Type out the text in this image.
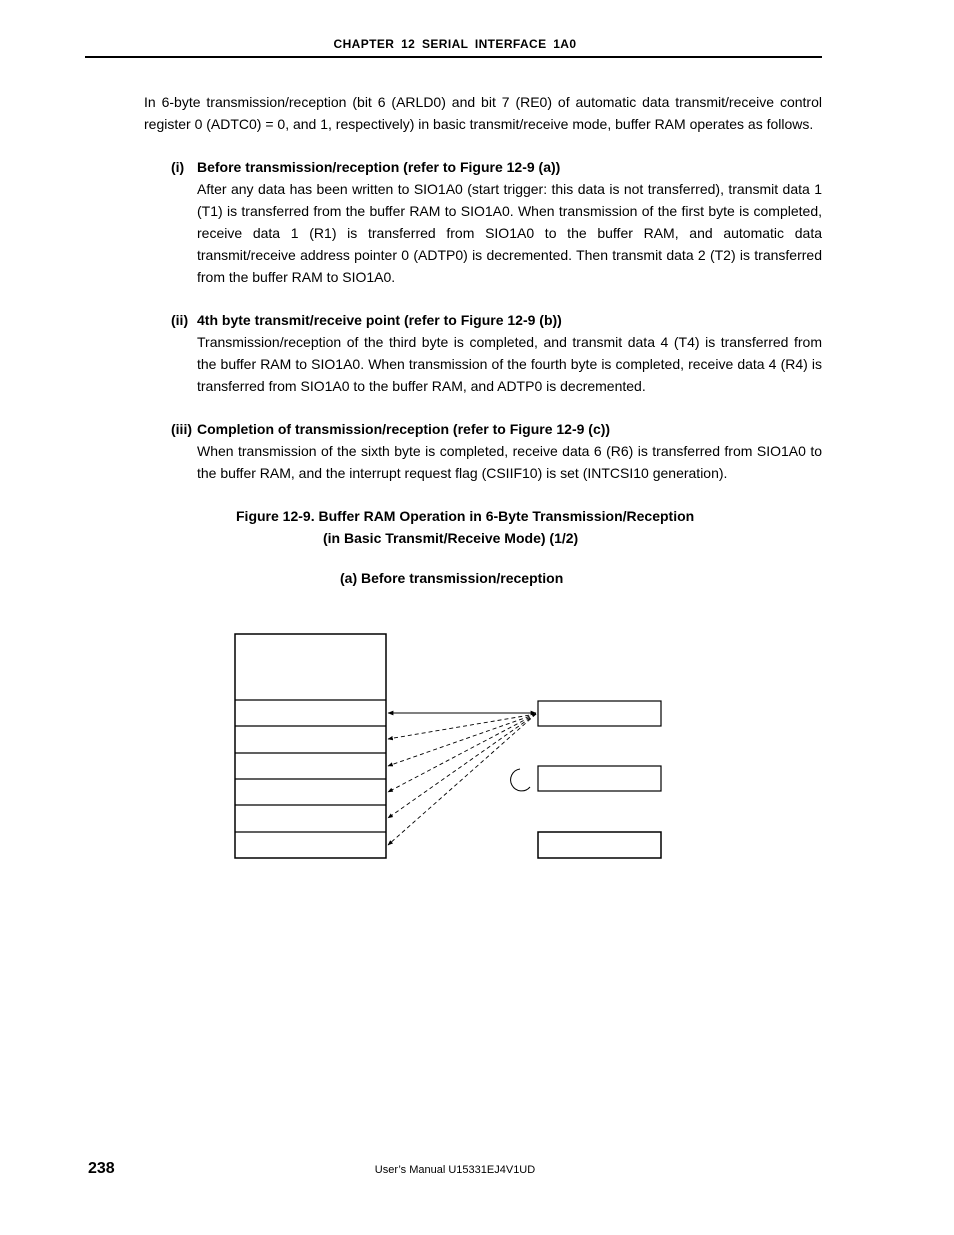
CHAPTER 12 SERIAL INTERFACE 1A0
In 6-byte transmission/reception (bit 6 (ARLD0) and bit 7 (RE0) of automatic data transmit/receive control register 0 (ADTC0) = 0, and 1, respectively) in basic transmit/receive mode, buffer RAM operates as follows.
(i) Before transmission/reception (refer to Figure 12-9 (a))
After any data has been written to SIO1A0 (start trigger: this data is not transferred), transmit data 1 (T1) is transferred from the buffer RAM to SIO1A0. When transmission of the first byte is completed, receive data 1 (R1) is transferred from SIO1A0 to the buffer RAM, and automatic data transmit/receive address pointer 0 (ADTP0) is decremented. Then transmit data 2 (T2) is transferred from the buffer RAM to SIO1A0.
(ii) 4th byte transmit/receive point (refer to Figure 12-9 (b))
Transmission/reception of the third byte is completed, and transmit data 4 (T4) is transferred from the buffer RAM to SIO1A0. When transmission of the fourth byte is completed, receive data 4 (R4) is transferred from SIO1A0 to the buffer RAM, and ADTP0 is decremented.
(iii) Completion of transmission/reception (refer to Figure 12-9 (c))
When transmission of the sixth byte is completed, receive data 6 (R6) is transferred from SIO1A0 to the buffer RAM, and the interrupt request flag (CSIIF10) is set (INTCSI10 generation).
Figure 12-9. Buffer RAM Operation in 6-Byte Transmission/Reception
(in Basic Transmit/Receive Mode) (1/2)
(a) Before transmission/reception
238	User’s Manual U15331EJ4V1UD
